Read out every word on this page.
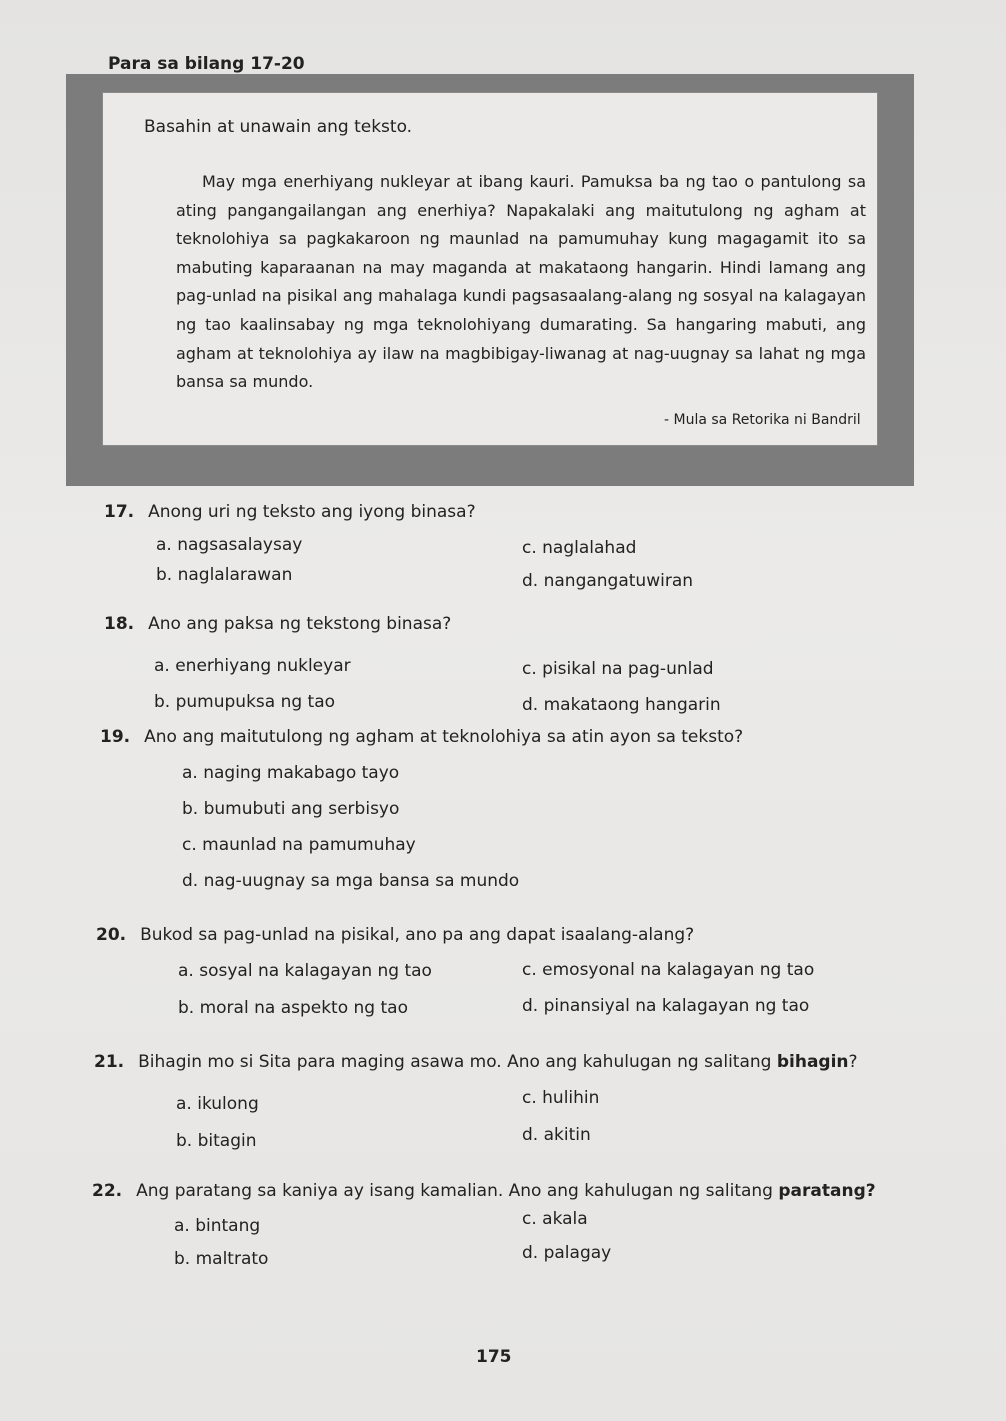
Para sa bilang 17-20
Basahin at unawain ang teksto.
May mga enerhiyang nukleyar at ibang kauri. Pamuksa ba ng tao o pantulong sa ating pangangailangan ang enerhiya? Napakalaki ang maitutulong ng agham at teknolohiya sa pagkakaroon ng maunlad na pamumuhay kung magagamit ito sa mabuting kaparaanan na may maganda at makataong hangarin. Hindi lamang ang pag-unlad na pisikal ang mahalaga kundi pagsasaalang-alang ng sosyal na kalagayan ng tao kaalinsabay ng mga teknolohiyang dumarating. Sa hangaring mabuti, ang agham at teknolohiya ay ilaw na magbibigay-liwanag at nag-uugnay sa lahat ng mga bansa sa mundo.
- Mula sa Retorika ni Bandril
17. Anong uri ng teksto ang iyong binasa?
a. nagsasalaysay
b. naglalarawan
c. naglalahad
d. nangangatuwiran
18. Ano ang paksa ng tekstong binasa?
a. enerhiyang nukleyar
b. pumupuksa ng tao
c. pisikal na pag-unlad
d. makataong hangarin
19. Ano ang maitutulong ng agham at teknolohiya sa atin ayon sa teksto?
a. naging makabago tayo
b. bumubuti ang serbisyo
c. maunlad na pamumuhay
d. nag-uugnay sa mga bansa sa mundo
20. Bukod sa pag-unlad na pisikal, ano pa ang dapat isaalang-alang?
a. sosyal na kalagayan ng tao
b. moral na aspekto ng tao
c. emosyonal na kalagayan ng tao
d. pinansiyal na kalagayan ng tao
21. Bihagin mo si Sita para maging asawa mo. Ano ang kahulugan ng salitang bihagin?
a. ikulong
b. bitagin
c. hulihin
d. akitin
22. Ang paratang sa kaniya ay isang kamalian. Ano ang kahulugan ng salitang paratang?
a. bintang
b. maltrato
c. akala
d. palagay
175
